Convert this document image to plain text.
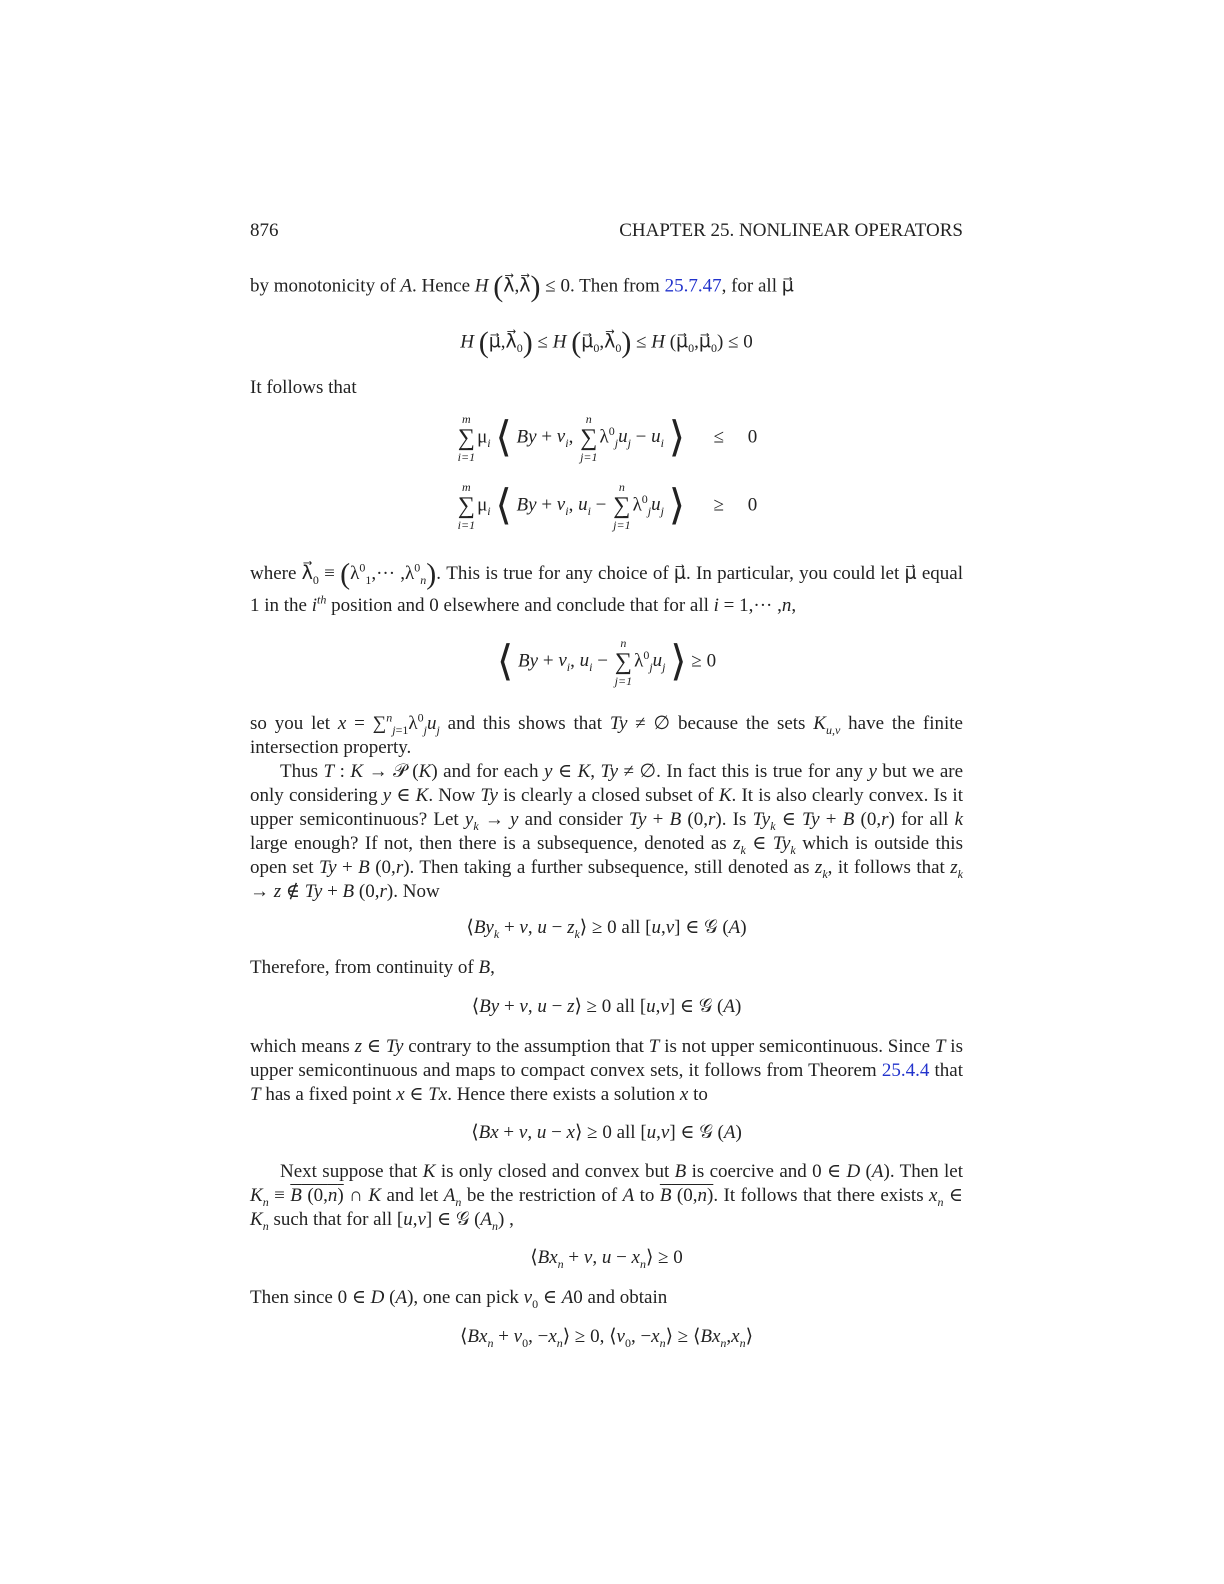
876	CHAPTER 25. NONLINEAR OPERATORS
by monotonicity of A. Hence H (λ⃗,λ⃗) ≤ 0. Then from 25.7.47, for all μ⃗
H $(\mu⃗,\lambda⃗_0) \le H$ $(\mu⃗_0,\lambda⃗_0) \le H$ $(\mu⃗_0,\mu⃗_0) \le 0$
It follows that
m
∑
i=1
$\mu_i$ ⟨ $By + v_i$,
n
∑
j=1
$\lambda^0_ju_j - u_i$ ⟩      ≤     0
m
∑
i=1
$\mu_i$ ⟨ $By + v_i$, $u_i$ −
n
∑
j=1
$\lambda^0_ju_j$ ⟩      ≥     0
where $\lambda⃗_0 \equiv (\lambda^0_1,\cdot\cdot\cdot ,\lambda^0_n)$. This is true for any choice of μ⃗. In particular, you could let μ⃗ equal 1 in the $i^{th}$ position and 0 elsewhere and conclude that for all i = 1,··· ,n,
⟨ $By + v_i$, $u_i$ −
n
∑
j=1
$\lambda^0_ju_j$ ⟩ ≥ 0
so you let $x = \sum^n_{j=1}\lambda^0_ju_j$ and this shows that Ty ≠ ∅ because the sets $K_{u,v}$ have the finite intersection property.
Thus T : K → 𝒫 (K) and for each y ∈ K, Ty ≠ ∅. In fact this is true for any y but we are only considering y ∈ K. Now Ty is clearly a closed subset of K. It is also clearly convex. Is it upper semicontinuous? Let $y_k \to y$ and consider Ty + B (0,r). Is $Ty_k$ ∈ Ty + B (0,r) for all k large enough? If not, then there is a subsequence, denoted as $z_k$ ∈ $Ty_k$ which is outside this open set Ty + B (0,r). Then taking a further subsequence, still denoted as $z_k$, it follows that $z_k \to z$ ∉ Ty + B (0,r). Now
$⟨By_k + v$, $u - z_k⟩ \ge 0$ all [u,v] ∈ 𝒢 (A)
Therefore, from continuity of B,
⟨By + v, u − z⟩ ≥ 0 all [u,v] ∈ 𝒢 (A)
which means z ∈ Ty contrary to the assumption that T is not upper semicontinuous. Since T is upper semicontinuous and maps to compact convex sets, it follows from Theorem 25.4.4 that T has a fixed point x ∈ Tx. Hence there exists a solution x to
⟨Bx + v, u − x⟩ ≥ 0 all [u,v] ∈ 𝒢 (A)
Next suppose that K is only closed and convex but B is coercive and 0 ∈ D (A). Then let $K_n \equiv B$ (0,n) ∩ K and let $A_n$ be the restriction of A to B (0,n). It follows that there exists $x_n$ ∈ $K_n$ such that for all [u,v] ∈ 𝒢 $(A_n)$ ,
$⟨Bx_n + v$, $u - x_n⟩ \ge 0$
Then since 0 ∈ D (A), one can pick $v_0$ ∈ A0 and obtain
$⟨Bx_n + v_0$, $-x_n⟩ \ge 0$, $⟨v_0$, $-x_n⟩$ ≥ $⟨Bx_n,x_n⟩$
